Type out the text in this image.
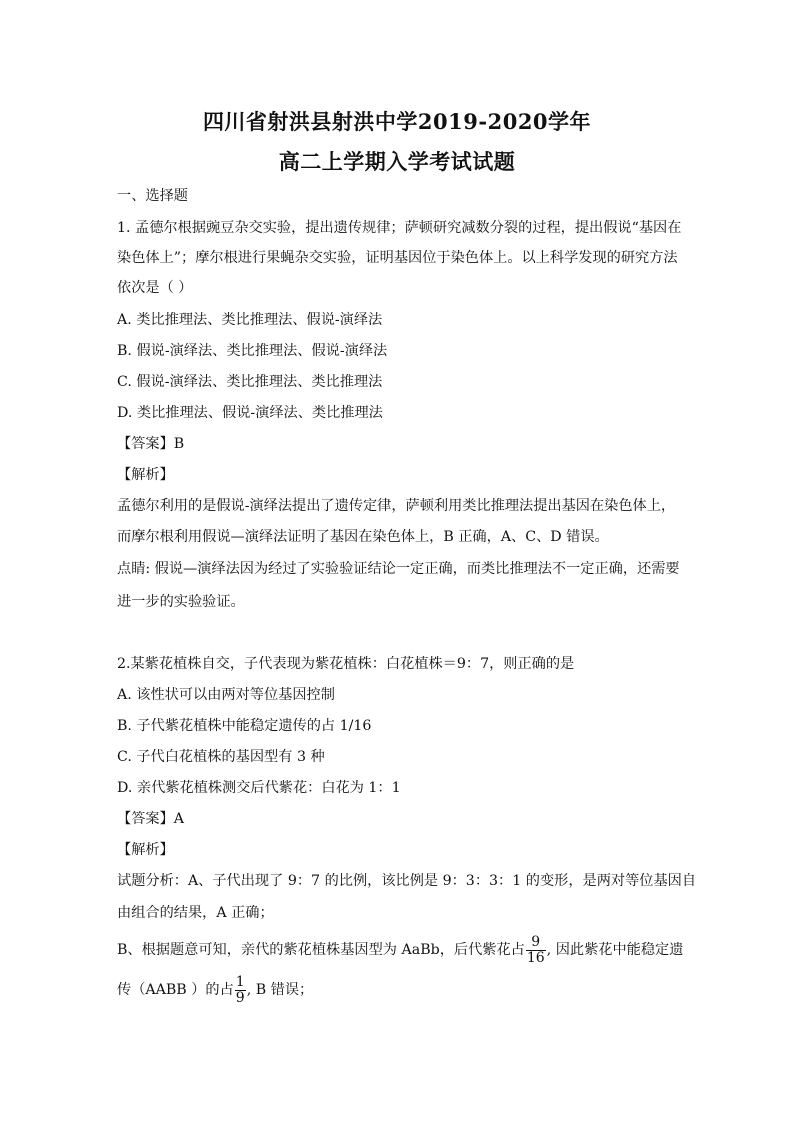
四川省射洪县射洪中学2019-2020学年
高二上学期入学考试试题
一、选择题
1. 孟德尔根据豌豆杂交实验，提出遗传规律；萨顿研究减数分裂的过程，提出假说“基因在
染色体上”；摩尔根进行果蝇杂交实验，证明基因位于染色体上。以上科学发现的研究方法
依次是（ ）
A. 类比推理法、类比推理法、假说-演绎法
B. 假说-演绎法、类比推理法、假说-演绎法
C. 假说-演绎法、类比推理法、类比推理法
D. 类比推理法、假说-演绎法、类比推理法
【答案】B
【解析】
孟德尔利用的是假说-演绎法提出了遗传定律，萨顿利用类比推理法提出基因在染色体上，
而摩尔根利用假说—演绎法证明了基因在染色体上，B 正确，A、C、D 错误。
点睛: 假说—演绎法因为经过了实验验证结论一定正确，而类比推理法不一定正确，还需要
进一步的实验验证。
2.某紫花植株自交，子代表现为紫花植株：白花植株＝9：7，则正确的是
A. 该性状可以由两对等位基因控制
B. 子代紫花植株中能稳定遗传的占 1/16
C. 子代白花植株的基因型有 3 种
D. 亲代紫花植株测交后代紫花：白花为 1：1
【答案】A
【解析】
试题分析：A、子代出现了 9：7 的比例，该比例是 9：3：3：1 的变形，是两对等位基因自
由组合的结果，A 正确；
B、根据题意可知，亲代的紫花植株基因型为 AaBb，后代紫花占 $\frac{9}{16}$ , 因此紫花中能稳定遗
传（AABB ）的占 $\frac{1}{9}$ , B 错误；
